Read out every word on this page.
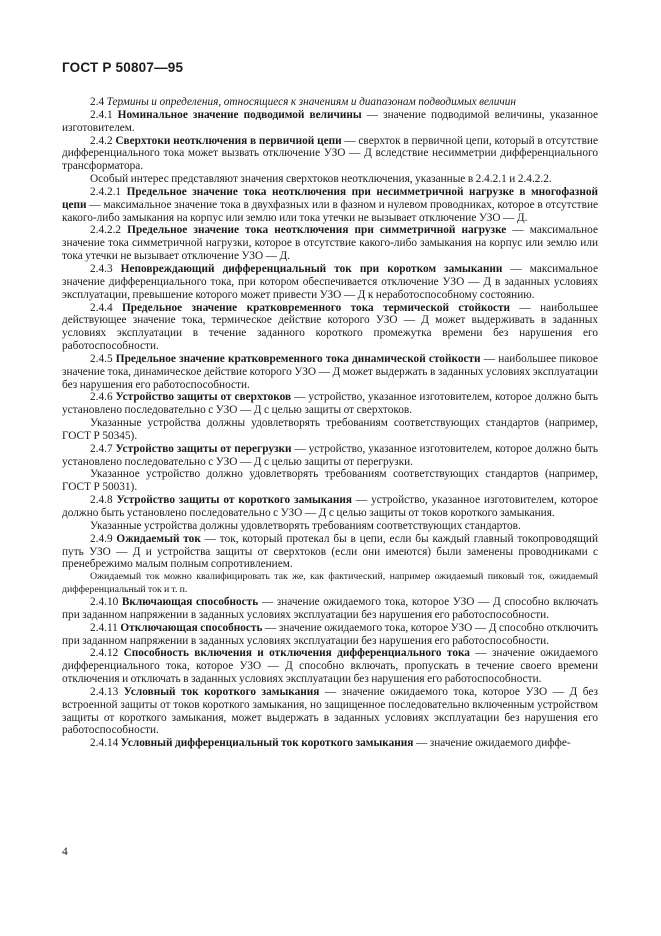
ГОСТ Р 50807—95

2.4 Термины и определения, относящиеся к значениям и диапазонам подводимых величин

2.4.1 Номинальное значение подводимой величины — значение подводимой величины, указанное изготовителем.

2.4.2 Сверхтоки неотключения в первичной цепи — сверхток в первичной цепи, который в отсутствие дифференциального тока может вызвать отключение УЗО — Д вследствие несимметрии дифференциального трансформатора.

Особый интерес представляют значения сверхтоков неотключения, указанные в 2.4.2.1 и 2.4.2.2.

2.4.2.1 Предельное значение тока неотключения при несимметричной нагрузке в многофазной цепи — максимальное значение тока в двухфазных или в фазном и нулевом проводниках, которое в отсутствие какого-либо замыкания на корпус или землю или тока утечки не вызывает отключение УЗО — Д.

2.4.2.2 Предельное значение тока неотключения при симметричной нагрузке — максимальное значение тока симметричной нагрузки, которое в отсутствие какого-либо замыкания на корпус или землю или тока утечки не вызывает отключение УЗО — Д.

2.4.3 Неповреждающий дифференциальный ток при коротком замыкании — максимальное значение дифференциального тока, при котором обеспечивается отключение УЗО — Д в заданных условиях эксплуатации, превышение которого может привести УЗО — Д к неработоспособному состоянию.

2.4.4 Предельное значение кратковременного тока термической стойкости — наибольшее действующее значение тока, термическое действие которого УЗО — Д может выдерживать в заданных условиях эксплуатации в течение заданного короткого промежутка времени без нарушения его работоспособности.

2.4.5 Предельное значение кратковременного тока динамической стойкости — наибольшее пиковое значение тока, динамическое действие которого УЗО — Д может выдержать в заданных условиях эксплуатации без нарушения его работоспособности.

2.4.6 Устройство защиты от сверхтоков — устройство, указанное изготовителем, которое должно быть установлено последовательно с УЗО — Д с целью защиты от сверхтоков.

Указанные устройства должны удовлетворять требованиям соответствующих стандартов (например, ГОСТ Р 50345).

2.4.7 Устройство защиты от перегрузки — устройство, указанное изготовителем, которое должно быть установлено последовательно с УЗО — Д с целью защиты от перегрузки.

Указанное устройство должно удовлетворять требованиям соответствующих стандартов (например, ГОСТ Р 50031).

2.4.8 Устройство защиты от короткого замыкания — устройство, указанное изготовителем, которое должно быть установлено последовательно с УЗО — Д с целью защиты от токов короткого замыкания.

Указанные устройства должны удовлетворять требованиям соответствующих стандартов.

2.4.9 Ожидаемый ток — ток, который протекал бы в цепи, если бы каждый главный токопроводящий путь УЗО — Д и устройства защиты от сверхтоков (если они имеются) были заменены проводниками с пренебрежимо малым полным сопротивлением.

Ожидаемый ток можно квалифицировать так же, как фактический, например ожидаемый пиковый ток, ожидаемый дифференциальный ток и т. п.

2.4.10 Включающая способность — значение ожидаемого тока, которое УЗО — Д способно включать при заданном напряжении в заданных условиях эксплуатации без нарушения его работоспособности.

2.4.11 Отключающая способность — значение ожидаемого тока, которое УЗО — Д способно отключить при заданном напряжении в заданных условиях эксплуатации без нарушения его работоспособности.

2.4.12 Способность включения и отключения дифференциального тока — значение ожидаемого дифференциального тока, которое УЗО — Д способно включать, пропускать в течение своего времени отключения и отключать в заданных условиях эксплуатации без нарушения его работоспособности.

2.4.13 Условный ток короткого замыкания — значение ожидаемого тока, которое УЗО — Д без встроенной защиты от токов короткого замыкания, но защищенное последовательно включенным устройством защиты от короткого замыкания, может выдержать в заданных условиях эксплуатации без нарушения его работоспособности.

2.4.14 Условный дифференциальный ток короткого замыкания — значение ожидаемого диффе-

4
